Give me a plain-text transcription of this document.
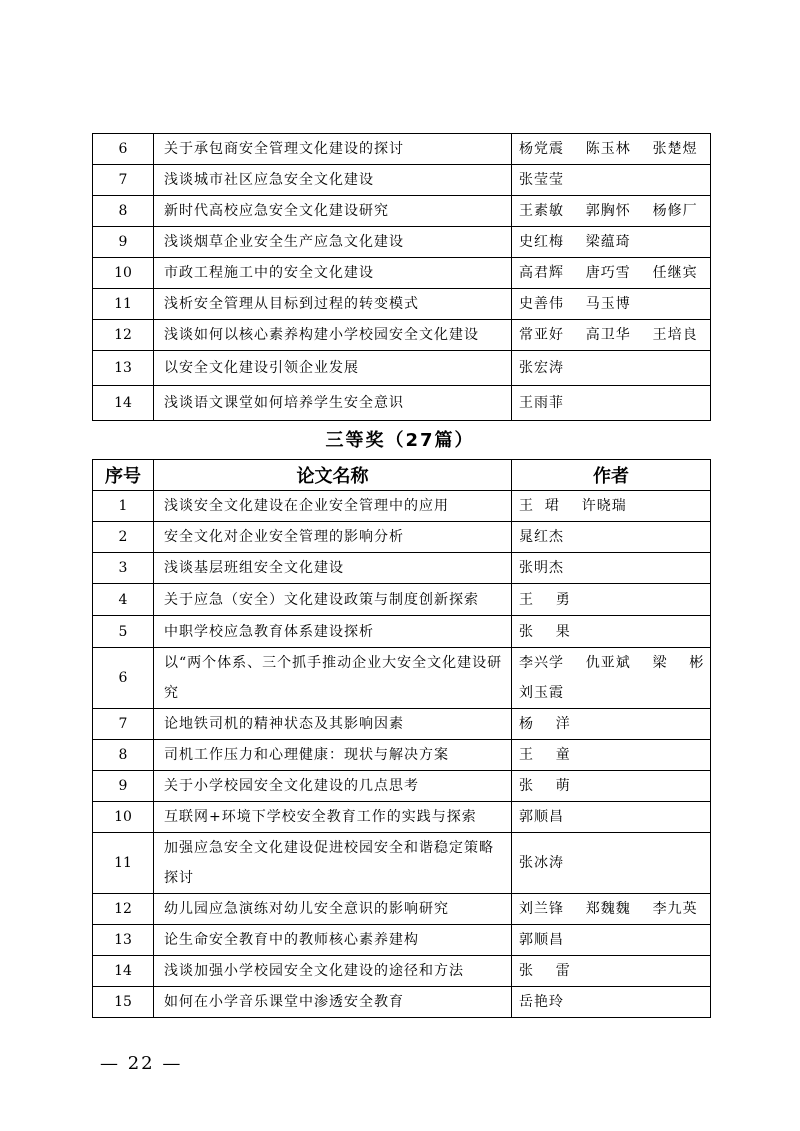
6	关于承包商安全管理文化建设的探讨	杨党震    陈玉林    张楚煜
7	浅谈城市社区应急安全文化建设	张莹莹
8	新时代高校应急安全文化建设研究	王素敏    郭胸怀    杨修厂
9	浅谈烟草企业安全生产应急文化建设	史红梅    梁蕴琦
10	市政工程施工中的安全文化建设	高君辉    唐巧雪    任继宾
11	浅析安全管理从目标到过程的转变模式	史善伟    马玉博
12	浅谈如何以核心素养构建小学校园安全文化建设	常亚好    高卫华    王培良
13	以安全文化建设引领企业发展	张宏涛
14	浅谈语文课堂如何培养学生安全意识	王雨菲
三等奖（27篇）
序号	论文名称	作者
1	浅谈安全文化建设在企业安全管理中的应用	王  珺    许晓瑞
2	安全文化对企业安全管理的影响分析	晁红杰
3	浅谈基层班组安全文化建设	张明杰
4	关于应急（安全）文化建设政策与制度创新探索	王    勇
5	中职学校应急教育体系建设探析	张    果
6	以“两个体系、三个抓手推动企业大安全文化建设研究	李兴学    仇亚斌    梁    彬
刘玉霞
7	论地铁司机的精神状态及其影响因素	杨    洋
8	司机工作压力和心理健康：现状与解决方案	王    童
9	关于小学校园安全文化建设的几点思考	张    萌
10	互联网+环境下学校安全教育工作的实践与探索	郭顺昌
11	加强应急安全文化建设促进校园安全和谐稳定策略探讨	张冰涛
12	幼儿园应急演练对幼儿安全意识的影响研究	刘兰锋    郑魏魏    李九英
13	论生命安全教育中的教师核心素养建构	郭顺昌
14	浅谈加强小学校园安全文化建设的途径和方法	张    雷
15	如何在小学音乐课堂中渗透安全教育	岳艳玲
— 22 —
